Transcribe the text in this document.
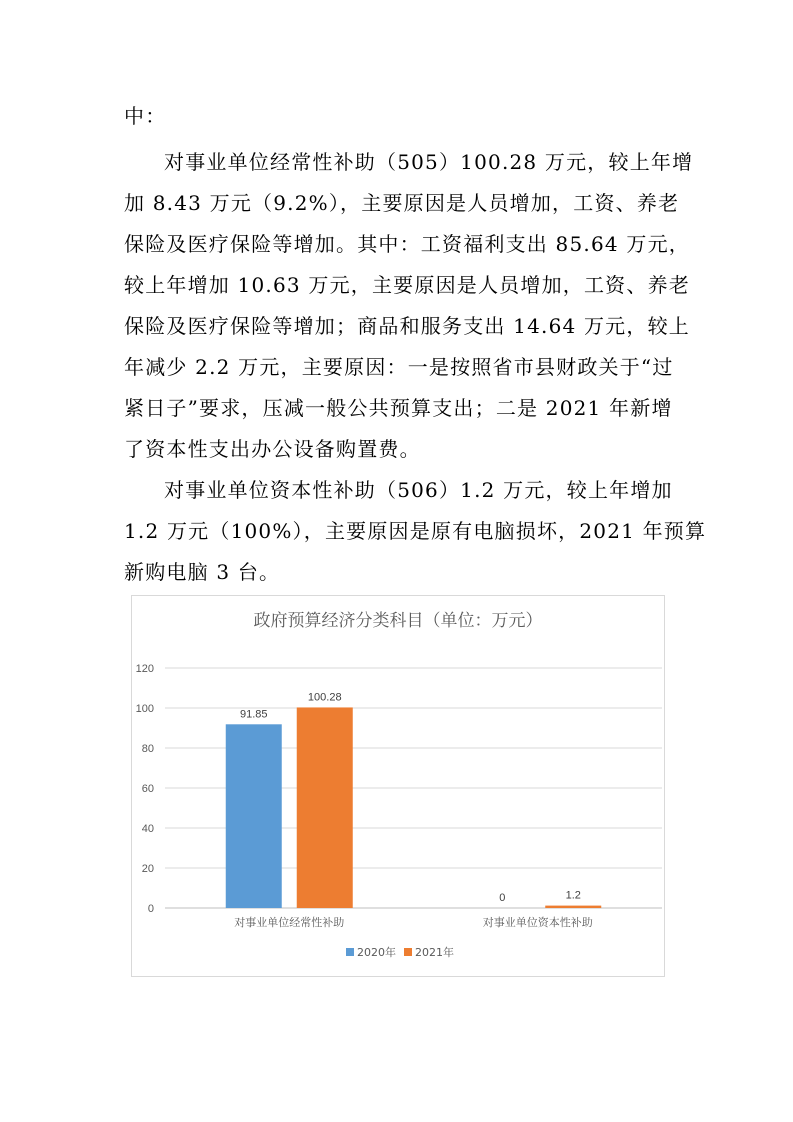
中：
对事业单位经常性补助（505）100.28 万元，较上年增
加 8.43 万元（9.2%），主要原因是人员增加，工资、养老
保险及医疗保险等增加。其中：工资福利支出 85.64 万元，
较上年增加 10.63 万元，主要原因是人员增加，工资、养老
保险及医疗保险等增加；商品和服务支出 14.64 万元，较上
年减少 2.2 万元，主要原因：一是按照省市县财政关于“过
紧日子”要求，压减一般公共预算支出；二是 2021 年新增
了资本性支出办公设备购置费。
对事业单位资本性补助（506）1.2 万元，较上年增加
1.2 万元（100%），主要原因是原有电脑损坏，2021 年预算
新购电脑 3 台。
政府预算经济分类科目（单位：万元）
0
20
40
60
80
100
120
91.85
100.28
对事业单位经常性补助
0	1.2
对事业单位资本性补助
2020年 2021年
